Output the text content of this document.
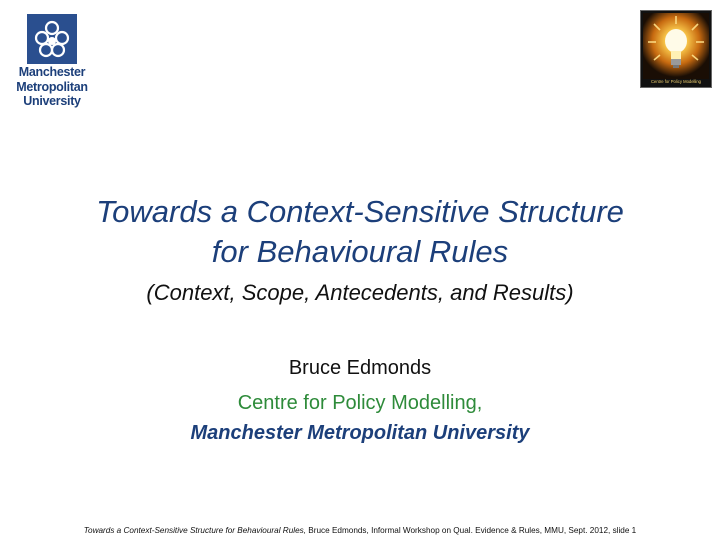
Manchester
Metropolitan
University
Centre for Policy Modelling
Towards a Context-Sensitive Structure
for Behavioural Rules
(Context, Scope, Antecedents, and Results)
Bruce Edmonds
Centre for Policy Modelling,
Manchester Metropolitan University
Towards a Context-Sensitive Structure for Behavioural Rules, Bruce Edmonds, Informal Workshop on Qual. Evidence & Rules, MMU, Sept. 2012, slide 1
